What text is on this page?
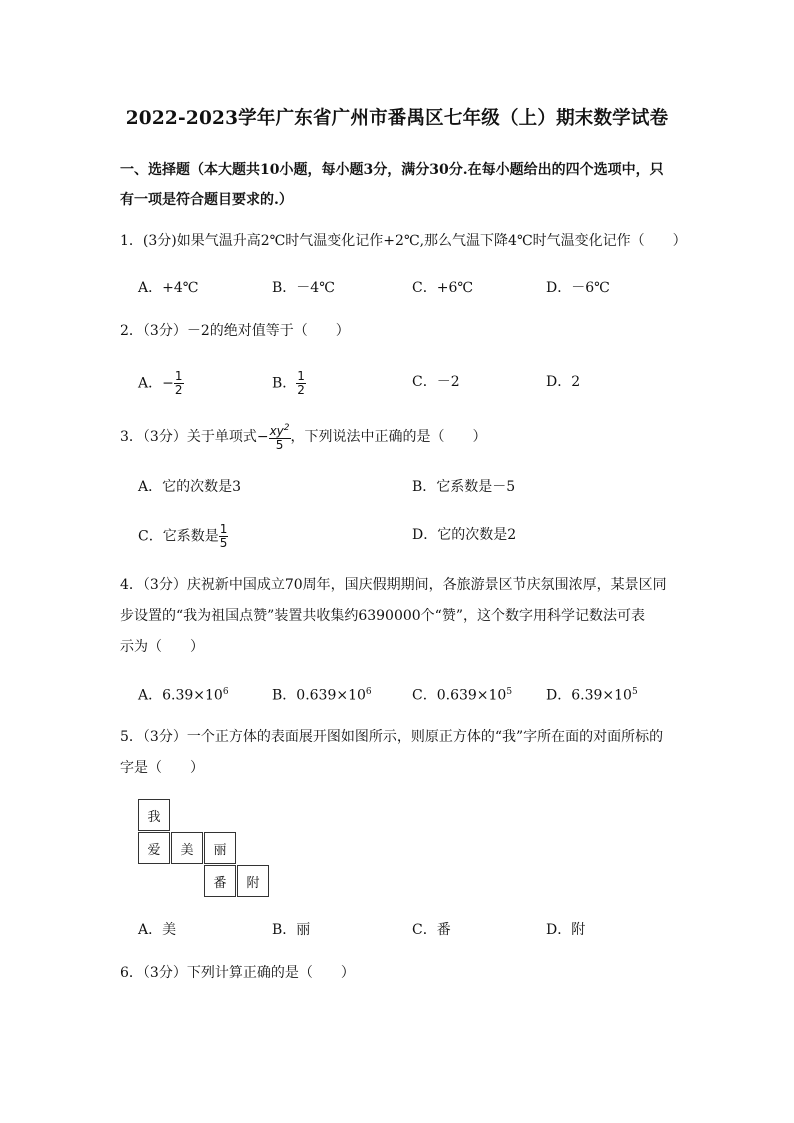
2022-2023学年广东省广州市番禺区七年级（上）期末数学试卷
一、选择题（本大题共10小题，每小题3分，满分30分.在每小题给出的四个选项中，只
有一项是符合题目要求的.）
1．(3分)如果气温升高2℃时气温变化记作+2℃,那么气温下降4℃时气温变化记作（　　）
A．+4℃	B．－4℃	C．+6℃	D．－6℃
2．（3分）－2的绝对值等于（　　）
A．− $\frac{1}{2}$	B． $\frac{1}{2}$	C．－2	D．2
3．（3分）关于单项式− $\frac{xy^2}{5}$ ，下列说法中正确的是（　　）
A．它的次数是3	B．它系数是－5
C．它系数是 $\frac{1}{5}$	D．它的次数是2
4．（3分）庆祝新中国成立70周年，国庆假期期间，各旅游景区节庆氛围浓厚，某景区同
步设置的“我为祖国点赞”装置共收集约6390000个“赞”，这个数字用科学记数法可表
示为（　　）
A．$6.39\times 10^6$	B．$0.639\times 10^6$	C．$0.639\times 10^5$ D．$6.39\times 10^5$
5．（3分）一个正方体的表面展开图如图所示，则原正方体的“我”字所在面的对面所标的
字是（　　）
我
爱	美	丽
番	附
A．美	B．丽	C．番	D．附
6．（3分）下列计算正确的是（　　）
